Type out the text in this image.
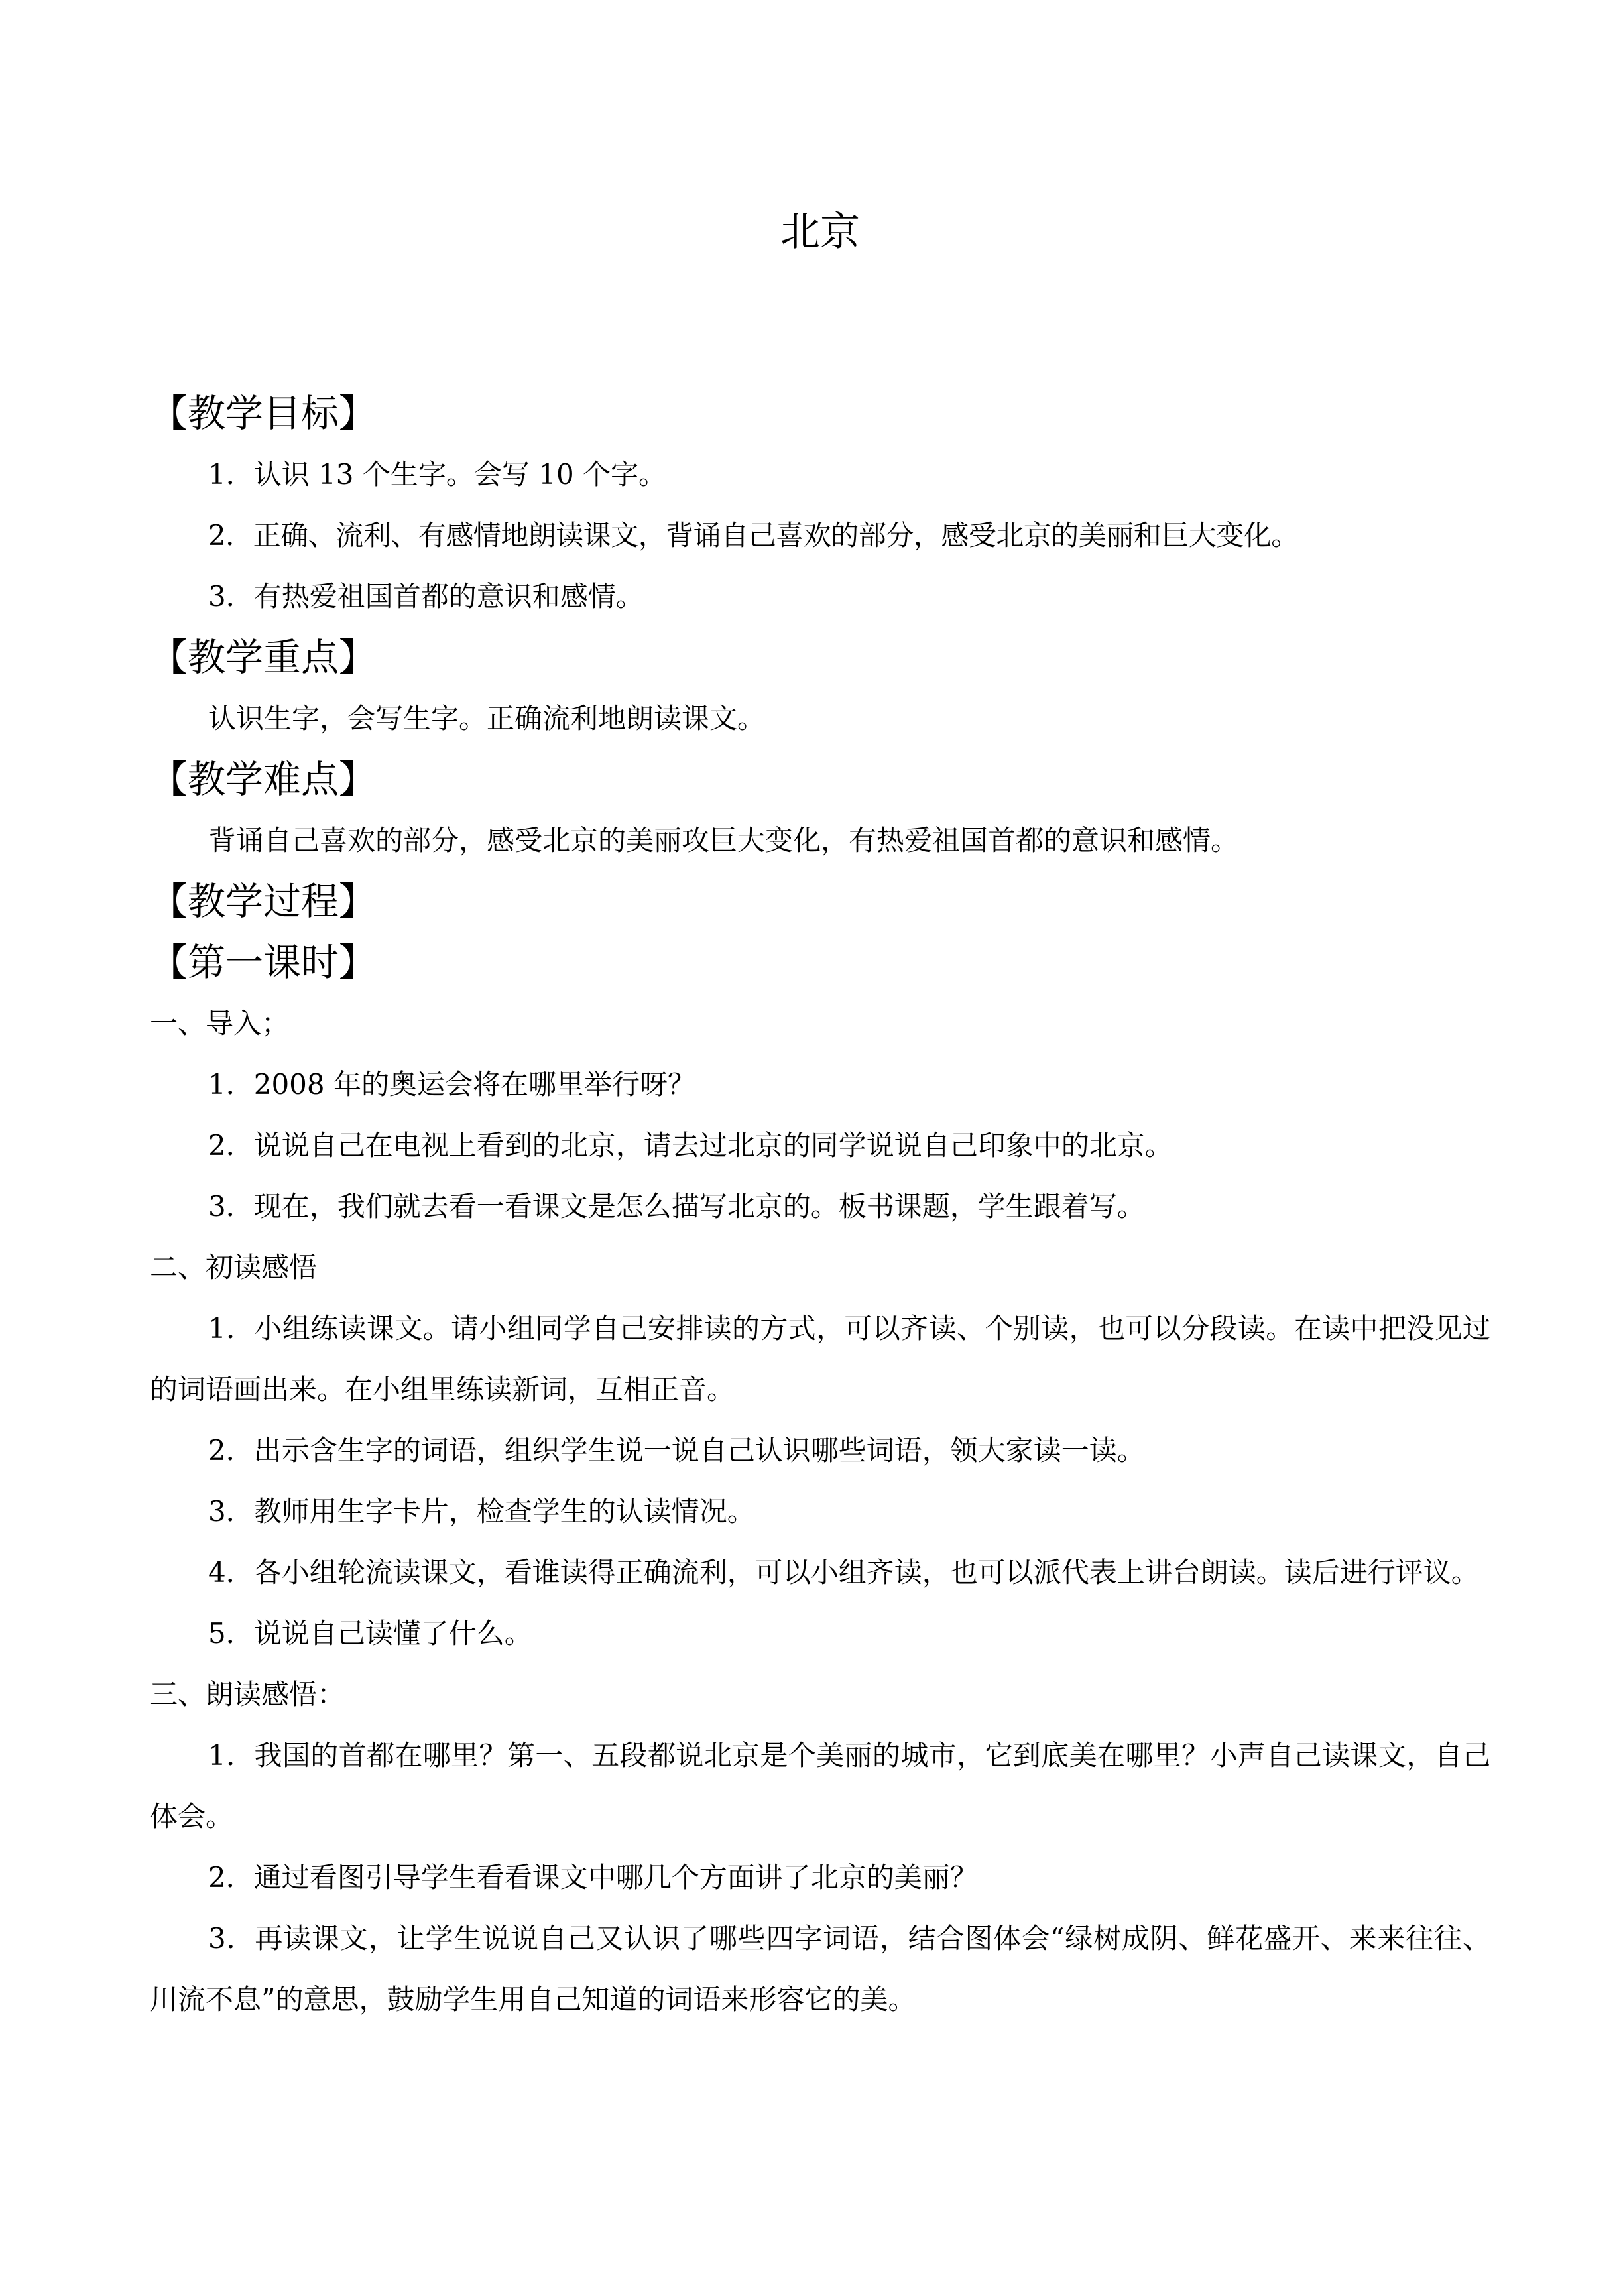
北京
【教学目标】

1．认识 13 个生字。会写 10 个字。

2．正确、流利、有感情地朗读课文，背诵自己喜欢的部分，感受北京的美丽和巨大变化。

3．有热爱祖国首都的意识和感情。

【教学重点】

认识生字，会写生字。正确流利地朗读课文。

【教学难点】

背诵自己喜欢的部分，感受北京的美丽攻巨大变化，有热爱祖国首都的意识和感情。

【教学过程】
【第一课时】

一、导入；

1．2008 年的奥运会将在哪里举行呀？

2．说说自己在电视上看到的北京，请去过北京的同学说说自己印象中的北京。

3．现在，我们就去看一看课文是怎么描写北京的。板书课题，学生跟着写。

二、初读感悟

1．小组练读课文。请小组同学自己安排读的方式，可以齐读、个别读，也可以分段读。在读中把没见过的词语画出来。在小组里练读新词，互相正音。

2．出示含生字的词语，组织学生说一说自己认识哪些词语，领大家读一读。

3．教师用生字卡片，检查学生的认读情况。

4．各小组轮流读课文，看谁读得正确流利，可以小组齐读，也可以派代表上讲台朗读。读后进行评议。

5．说说自己读懂了什么。

三、朗读感悟：

1．我国的首都在哪里？第一、五段都说北京是个美丽的城市，它到底美在哪里？小声自己读课文，自己体会。

2．通过看图引导学生看看课文中哪几个方面讲了北京的美丽？

3．再读课文，让学生说说自己又认识了哪些四字词语，结合图体会“绿树成阴、鲜花盛开、来来往往、川流不息”的意思，鼓励学生用自己知道的词语来形容它的美。
